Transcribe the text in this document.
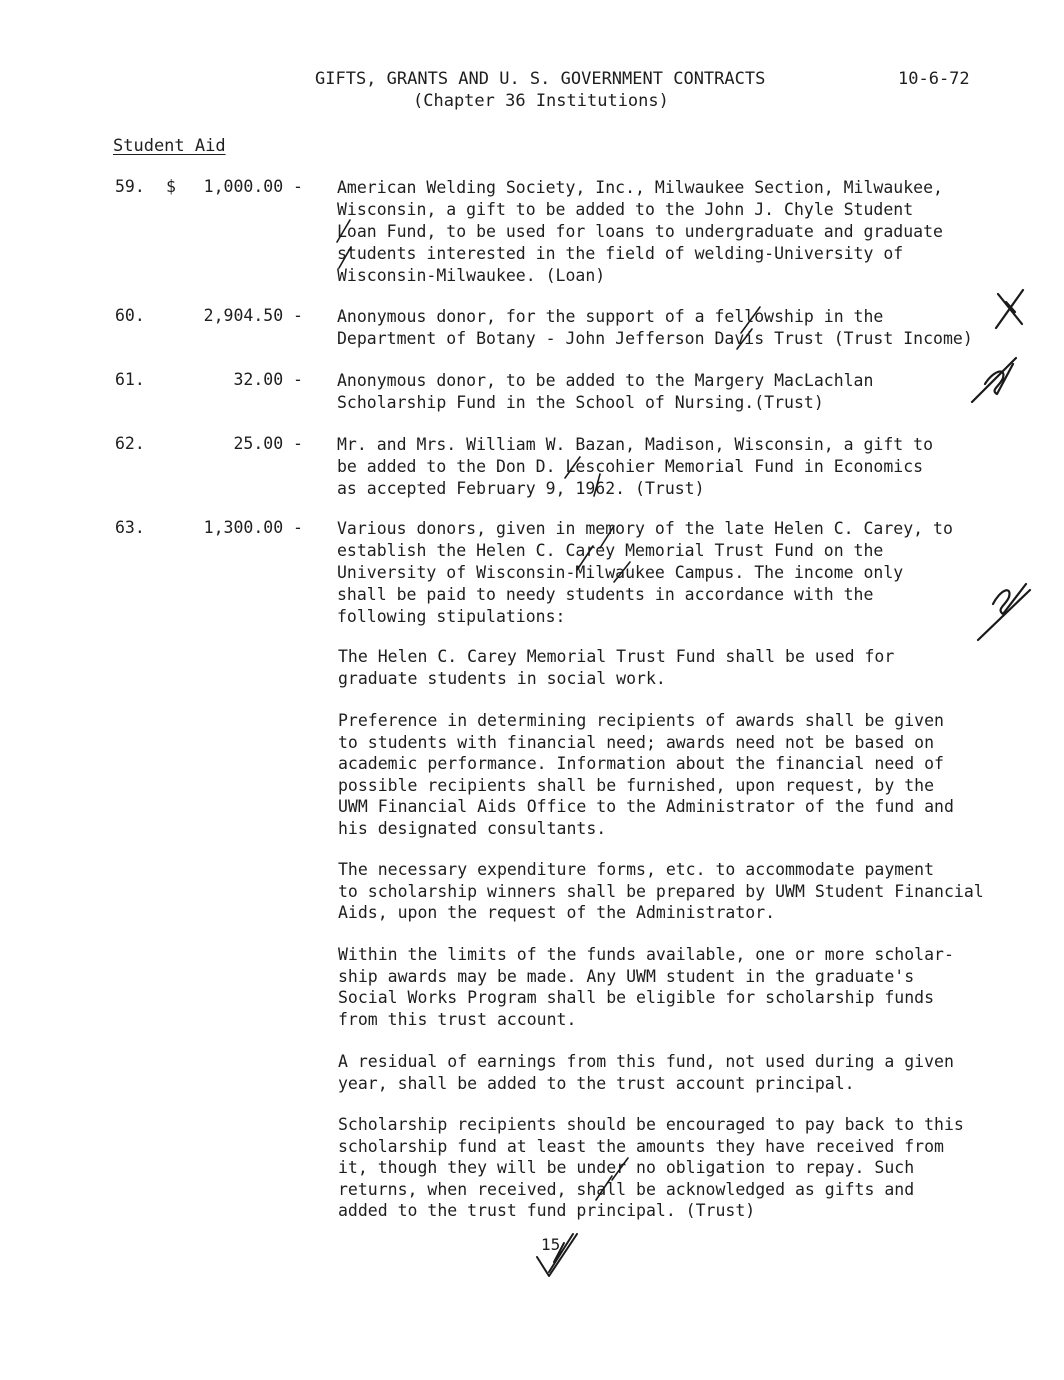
GIFTS, GRANTS AND U. S. GOVERNMENT CONTRACTS
(Chapter 36 Institutions)
10-6-72
Student Aid
59. $ 1,000.00 - American Welding Society, Inc., Milwaukee Section, Milwaukee,
Wisconsin, a gift to be added to the John J. Chyle Student
Loan Fund, to be used for loans to undergraduate and graduate
students interested in the field of welding-University of
Wisconsin-Milwaukee. (Loan)
60.	2,904.50 - Anonymous donor, for the support of a fellowship in the
Department of Botany - John Jefferson Davis Trust (Trust Income)
61.	32.00 - Anonymous donor, to be added to the Margery MacLachlan
Scholarship Fund in the School of Nursing.(Trust)
62.	25.00 - Mr. and Mrs. William W. Bazan, Madison, Wisconsin, a gift to
be added to the Don D. Lescohier Memorial Fund in Economics
as accepted February 9, 1962. (Trust)
63.	1,300.00 - Various donors, given in memory of the late Helen C. Carey, to
establish the Helen C. Carey Memorial Trust Fund on the
University of Wisconsin-Milwaukee Campus. The income only
shall be paid to needy students in accordance with the
following stipulations:
The Helen C. Carey Memorial Trust Fund shall be used for
graduate students in social work.
Preference in determining recipients of awards shall be given
to students with financial need; awards need not be based on
academic performance. Information about the financial need of
possible recipients shall be furnished, upon request, by the
UWM Financial Aids Office to the Administrator of the fund and
his designated consultants.
The necessary expenditure forms, etc. to accommodate payment
to scholarship winners shall be prepared by UWM Student Financial
Aids, upon the request of the Administrator.
Within the limits of the funds available, one or more scholar-
ship awards may be made. Any UWM student in the graduate's
Social Works Program shall be eligible for scholarship funds
from this trust account.
A residual of earnings from this fund, not used during a given
year, shall be added to the trust account principal.
Scholarship recipients should be encouraged to pay back to this
scholarship fund at least the amounts they have received from
it, though they will be under no obligation to repay. Such
returns, when received, shall be acknowledged as gifts and
added to the trust fund principal. (Trust)
15
